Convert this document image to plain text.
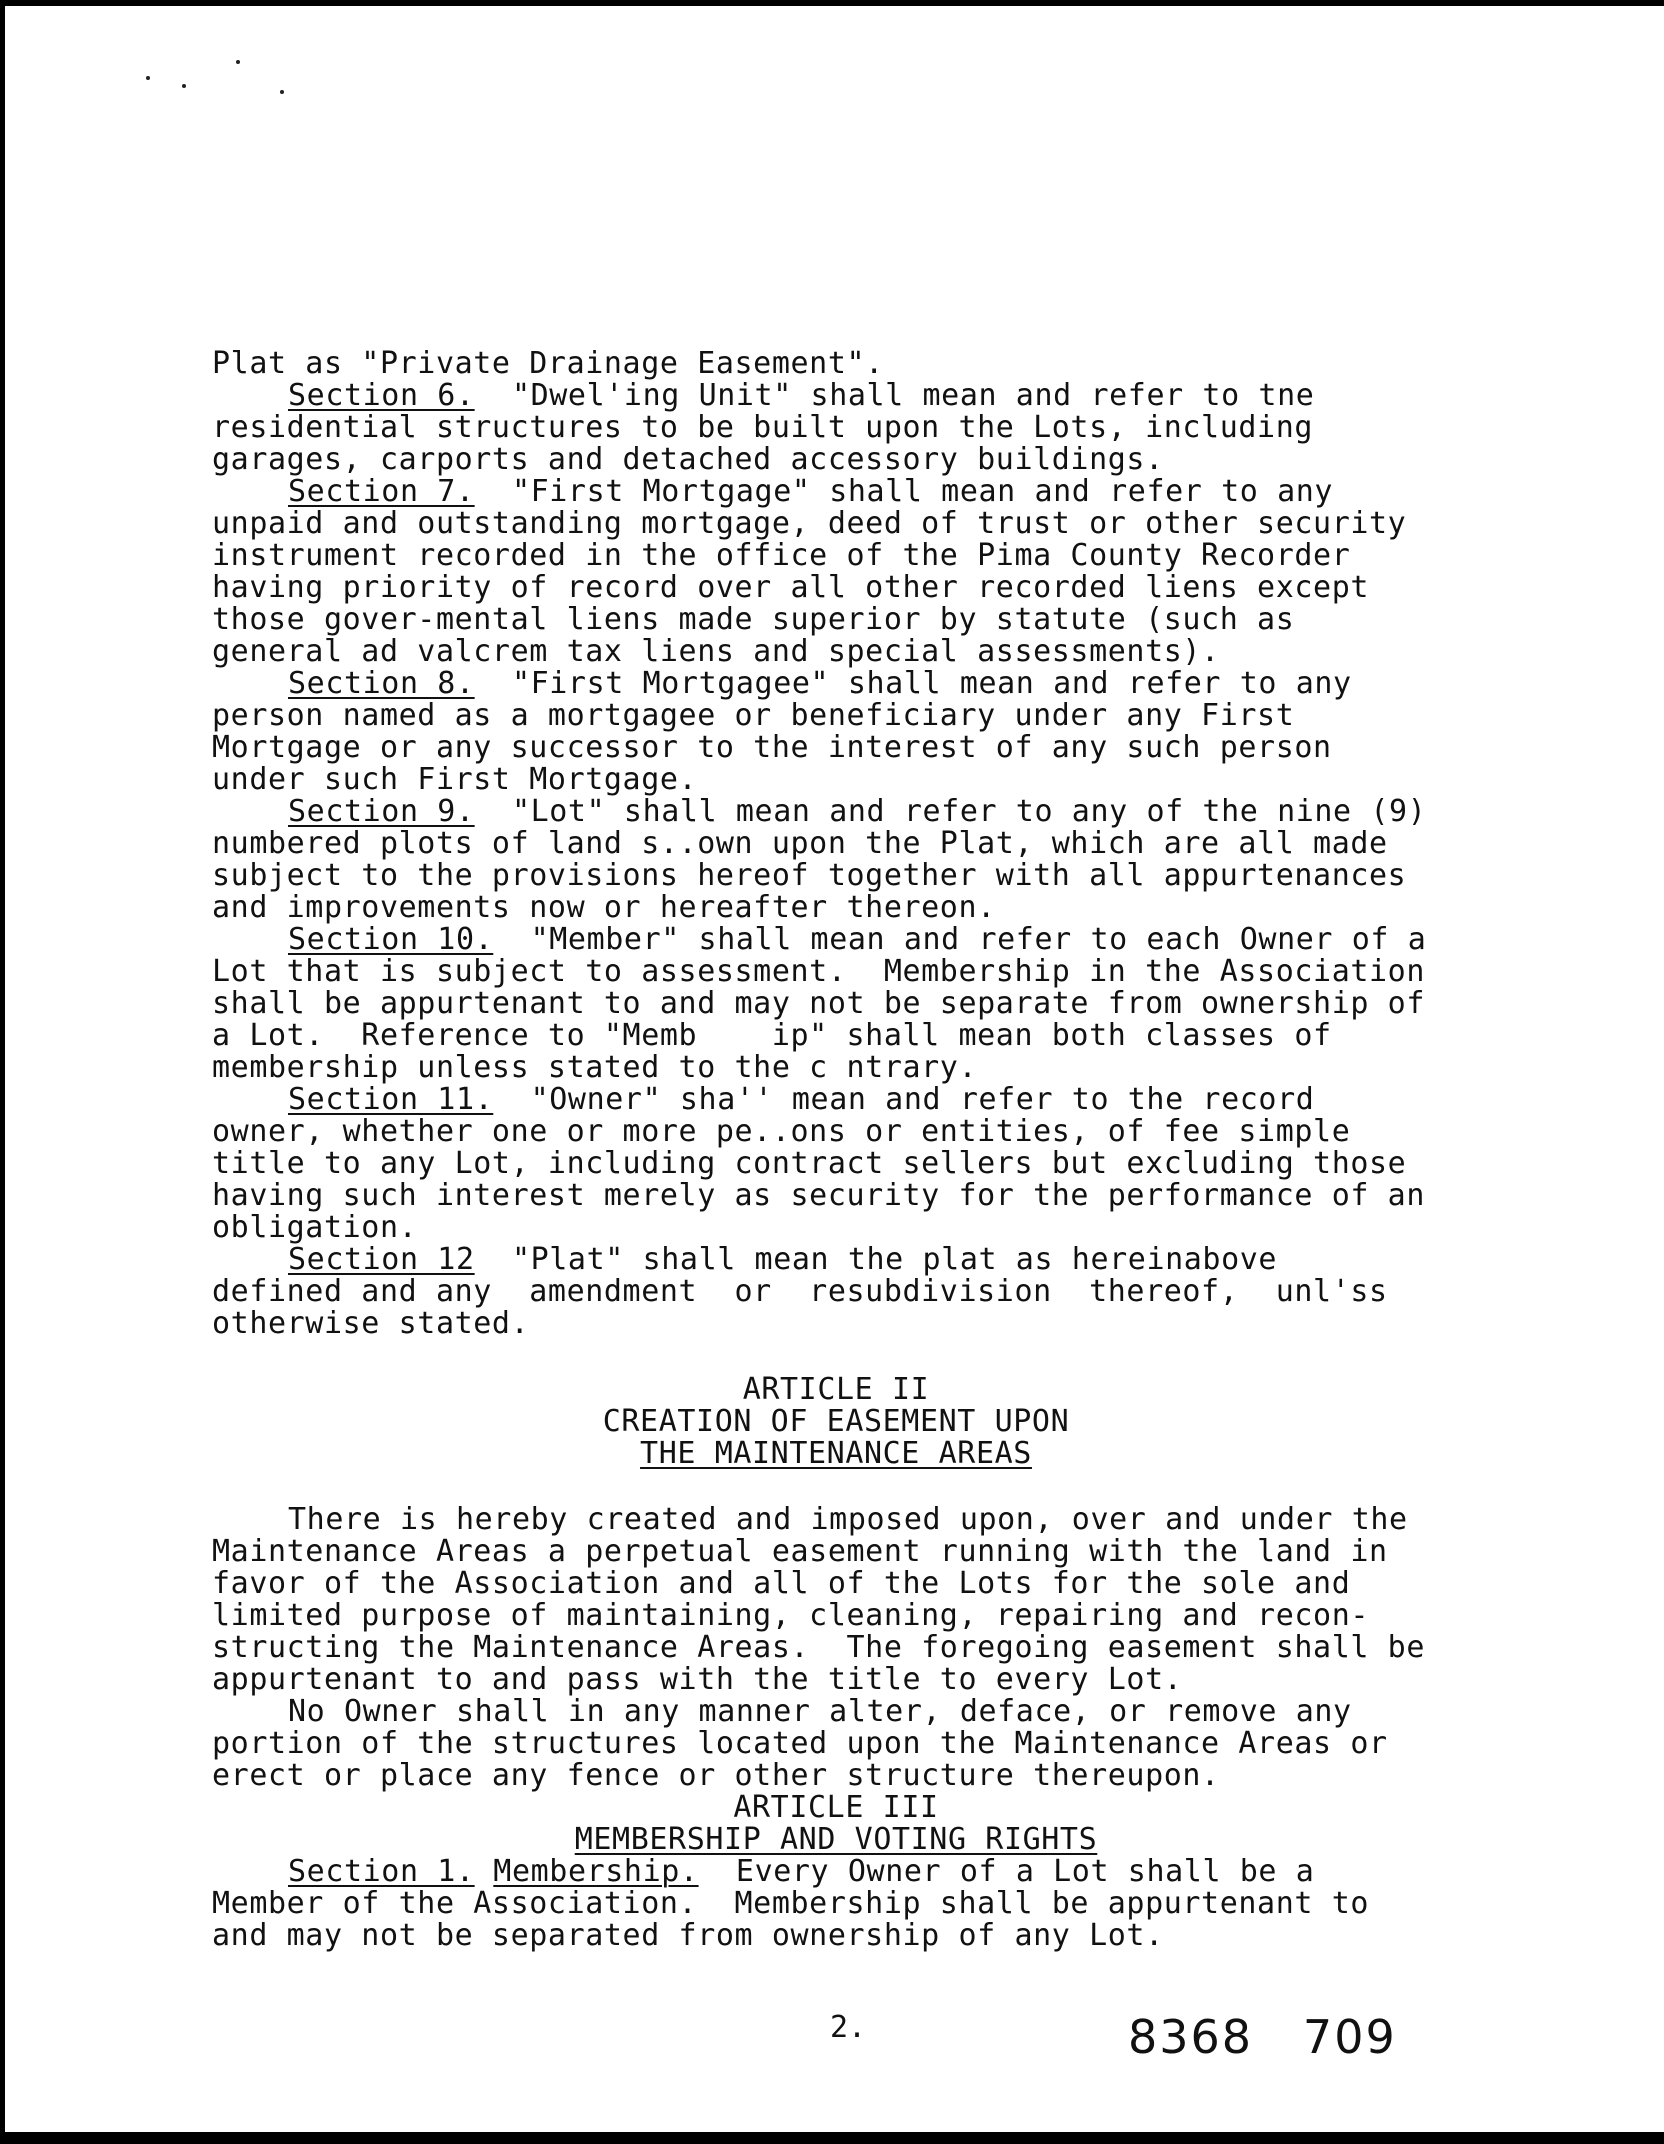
Plat as "Private Drainage Easement".
Section 6.  "Dwel'ing Unit" shall mean and refer to tne
residential structures to be built upon the Lots, including
garages, carports and detached accessory buildings.
Section 7.  "First Mortgage" shall mean and refer to any
unpaid and outstanding mortgage, deed of trust or other security
instrument recorded in the office of the Pima County Recorder
having priority of record over all other recorded liens except
those gover-mental liens made superior by statute (such as
general ad valcrem tax liens and special assessments).
Section 8.  "First Mortgagee" shall mean and refer to any
person named as a mortgagee or beneficiary under any First
Mortgage or any successor to the interest of any such person
under such First Mortgage.
Section 9.  "Lot" shall mean and refer to any of the nine (9)
numbered plots of land s..own upon the Plat, which are all made
subject to the provisions hereof together with all appurtenances
and improvements now or hereafter thereon.
Section 10.  "Member" shall mean and refer to each Owner of a
Lot that is subject to assessment.  Membership in the Association
shall be appurtenant to and may not be separate from ownership of
a Lot.  Reference to "Memb    ip" shall mean both classes of
membership unless stated to the c ntrary.
Section 11.  "Owner" sha'' mean and refer to the record
owner, whether one or more pe..ons or entities, of fee simple
title to any Lot, including contract sellers but excluding those
having such interest merely as security for the performance of an
obligation.
Section 12  "Plat" shall mean the plat as hereinabove
defined and any  amendment  or  resubdivision  thereof,  unl'ss
otherwise stated.
ARTICLE II
CREATION OF EASEMENT UPON
THE MAINTENANCE AREAS
There is hereby created and imposed upon, over and under the
Maintenance Areas a perpetual easement running with the land in
favor of the Association and all of the Lots for the sole and
limited purpose of maintaining, cleaning, repairing and recon-
structing the Maintenance Areas.  The foregoing easement shall be
appurtenant to and pass with the title to every Lot.
No Owner shall in any manner alter, deface, or remove any
portion of the structures located upon the Maintenance Areas or
erect or place any fence or other structure thereupon.
ARTICLE III
MEMBERSHIP AND VOTING RIGHTS
Section 1. Membership.  Every Owner of a Lot shall be a
Member of the Association.  Membership shall be appurtenant to
and may not be separated from ownership of any Lot.
2.	8368   709
